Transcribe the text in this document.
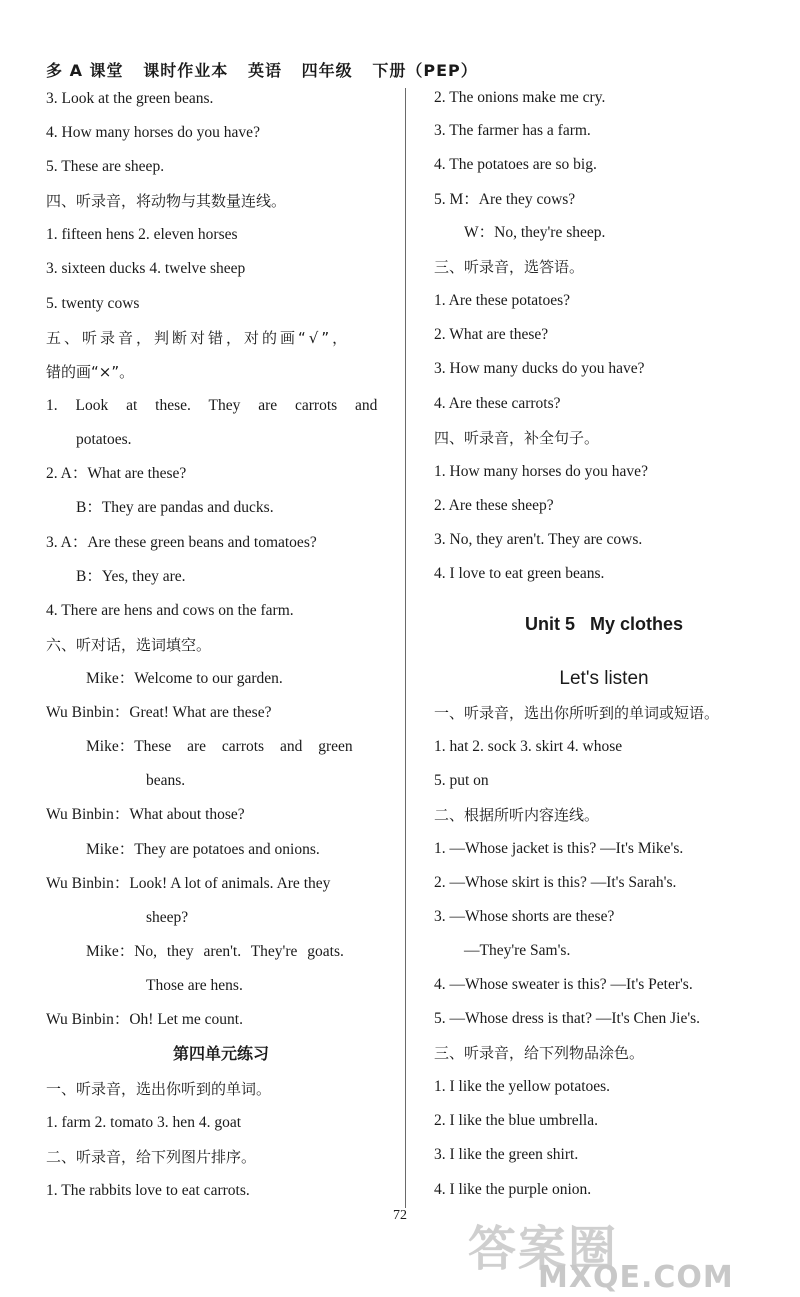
多 A 课堂   课时作业本   英语   四年级   下册（PEP）
3. Look at the green beans.
4. How many horses do you have?
5. These are sheep.
四、听录音，将动物与其数量连线。
1. fifteen hens 2. eleven horses
3. sixteen ducks 4. twelve sheep
5. twenty cows
五、听录音，判断对错，对的画“√”，
错的画“×”。
1. Look at these. They are carrots and
potatoes.
2. A：What are these?
B：They are pandas and ducks.
3. A：Are these green beans and tomatoes?
B：Yes, they are.
4. There are hens and cows on the farm.
六、听对话，选词填空。
Mike：Welcome to our garden.
Wu Binbin：Great! What are these?
Mike：These are carrots and green
beans.
Wu Binbin：What about those?
Mike：They are potatoes and onions.
Wu Binbin：Look! A lot of animals. Are they
sheep?
Mike：No, they aren't. They're goats.
Those are hens.
Wu Binbin：Oh! Let me count.
第四单元练习
一、听录音，选出你听到的单词。
1. farm 2. tomato 3. hen 4. goat
二、听录音，给下列图片排序。
1. The rabbits love to eat carrots.
2. The onions make me cry.
3. The farmer has a farm.
4. The potatoes are so big.
5. M：Are they cows?
W：No, they're sheep.
三、听录音，选答语。
1. Are these potatoes?
2. What are these?
3. How many ducks do you have?
4. Are these carrots?
四、听录音，补全句子。
1. How many horses do you have?
2. Are these sheep?
3. No, they aren't. They are cows.
4. I love to eat green beans.
Unit 5   My clothes
Let's listen
一、听录音，选出你所听到的单词或短语。
1. hat 2. sock 3. skirt 4. whose
5. put on
二、根据所听内容连线。
1. —Whose jacket is this? —It's Mike's.
2. —Whose skirt is this? —It's Sarah's.
3. —Whose shorts are these?
—They're Sam's.
4. —Whose sweater is this? —It's Peter's.
5. —Whose dress is that? —It's Chen Jie's.
三、听录音，给下列物品涂色。
1. I like the yellow potatoes.
2. I like the blue umbrella.
3. I like the green shirt.
4. I like the purple onion.
72
答案圈
MXQE.COM
